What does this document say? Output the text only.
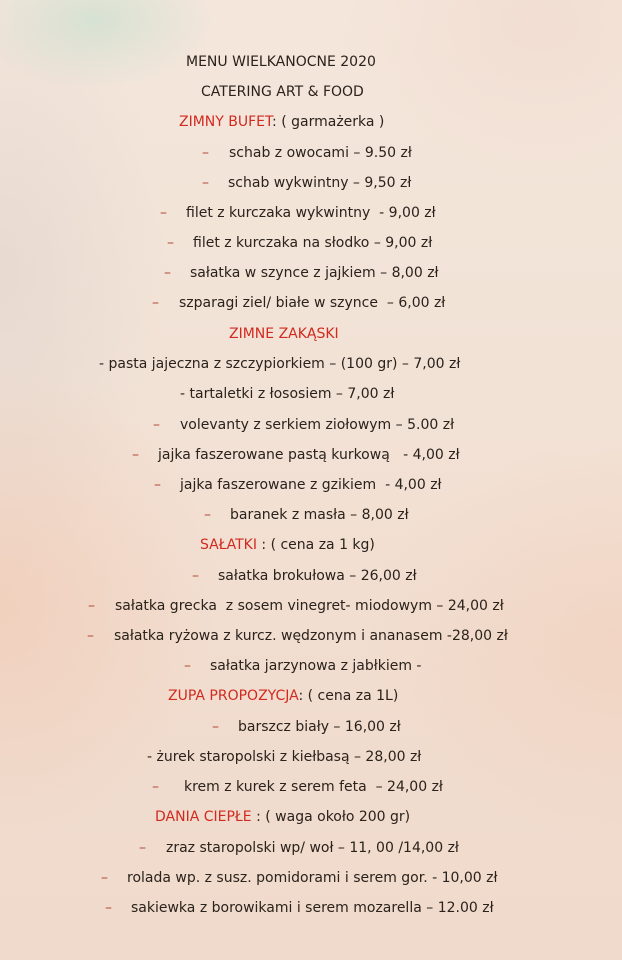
MENU WIELKANOCNE 2020
CATERING ART & FOOD
ZIMNY BUFET: ( garmażerka )
– schab z owocami – 9.50 zł
– schab wykwintny – 9,50 zł
– filet z kurczaka wykwintny  - 9,00 zł
– filet z kurczaka na słodko – 9,00 zł
– sałatka w szynce z jajkiem – 8,00 zł
– szparagi ziel/ białe w szynce  – 6,00 zł
ZIMNE ZAKĄSKI
- pasta jajeczna z szczypiorkiem – (100 gr) – 7,00 zł
- tartaletki z łososiem – 7,00 zł
– volevanty z serkiem ziołowym – 5.00 zł
– jajka faszerowane pastą kurkową   - 4,00 zł
– jajka faszerowane z gzikiem  - 4,00 zł
– baranek z masła – 8,00 zł
SAŁATKI : ( cena za 1 kg)
– sałatka brokułowa – 26,00 zł
– sałatka grecka  z sosem vinegret- miodowym – 24,00 zł
– sałatka ryżowa z kurcz. wędzonym i ananasem -28,00 zł
– sałatka jarzynowa z jabłkiem -
ZUPA PROPOZYCJA: ( cena za 1L)
– barszcz biały – 16,00 zł
- żurek staropolski z kiełbasą – 28,00 zł
– krem z kurek z serem feta  – 24,00 zł
DANIA CIEPŁE : ( waga około 200 gr)
– zraz staropolski wp/ woł – 11, 00 /14,00 zł
– rolada wp. z susz. pomidorami i serem gor. - 10,00 zł
– sakiewka z borowikami i serem mozarella – 12.00 zł
